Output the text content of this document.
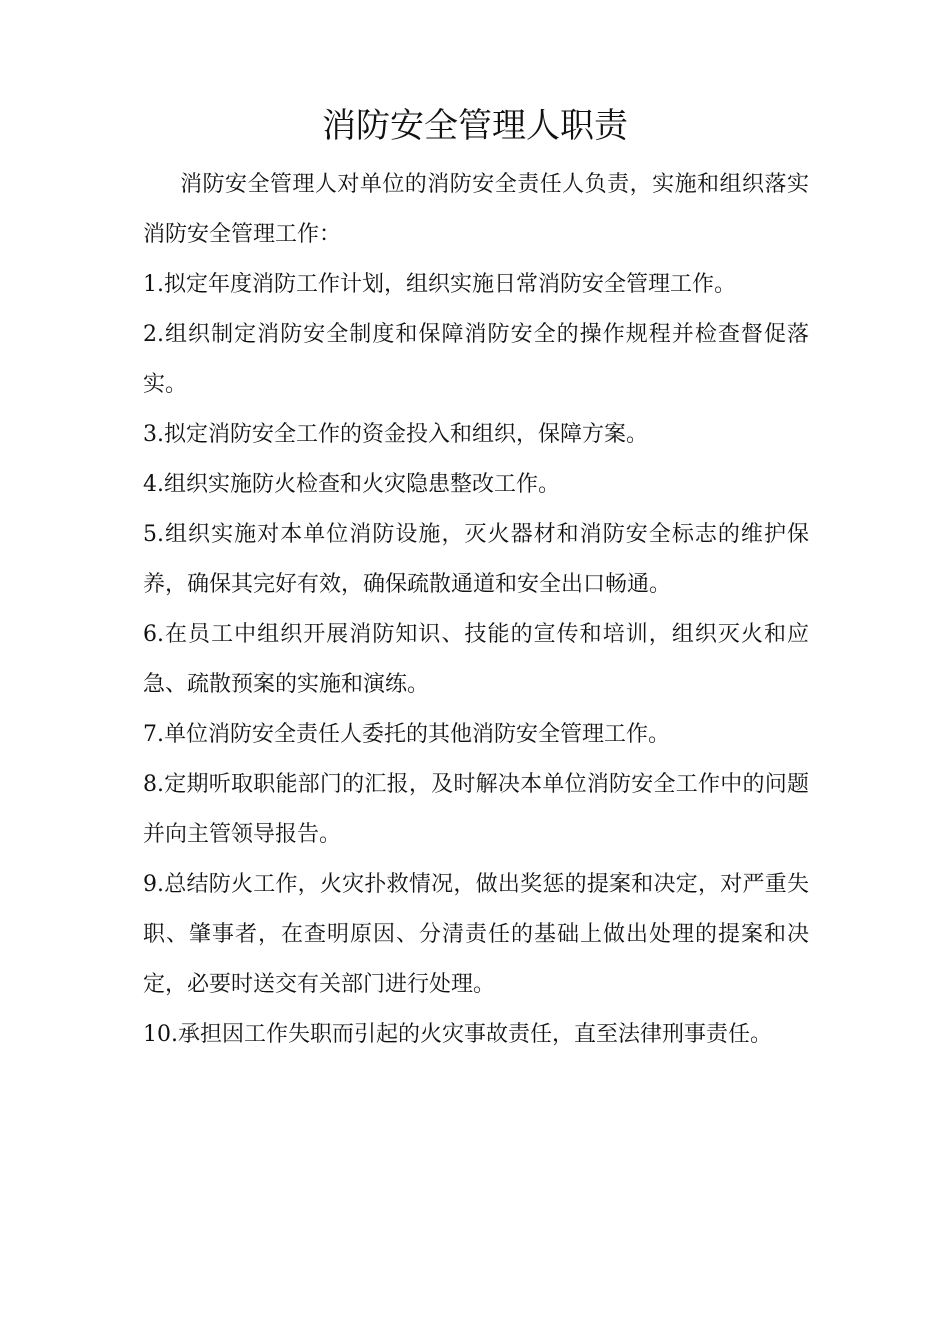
消防安全管理人职责

消防安全管理人对单位的消防安全责任人负责，实施和组织落实消防安全管理工作：

1.拟定年度消防工作计划，组织实施日常消防安全管理工作。

2.组织制定消防安全制度和保障消防安全的操作规程并检查督促落实。

3.拟定消防安全工作的资金投入和组织，保障方案。

4.组织实施防火检查和火灾隐患整改工作。

5.组织实施对本单位消防设施，灭火器材和消防安全标志的维护保养，确保其完好有效，确保疏散通道和安全出口畅通。

6.在员工中组织开展消防知识、技能的宣传和培训，组织灭火和应急、疏散预案的实施和演练。

7.单位消防安全责任人委托的其他消防安全管理工作。

8.定期听取职能部门的汇报，及时解决本单位消防安全工作中的问题并向主管领导报告。

9.总结防火工作，火灾扑救情况，做出奖惩的提案和决定，对严重失职、肇事者，在查明原因、分清责任的基础上做出处理的提案和决定，必要时送交有关部门进行处理。

10.承担因工作失职而引起的火灾事故责任，直至法律刑事责任。
